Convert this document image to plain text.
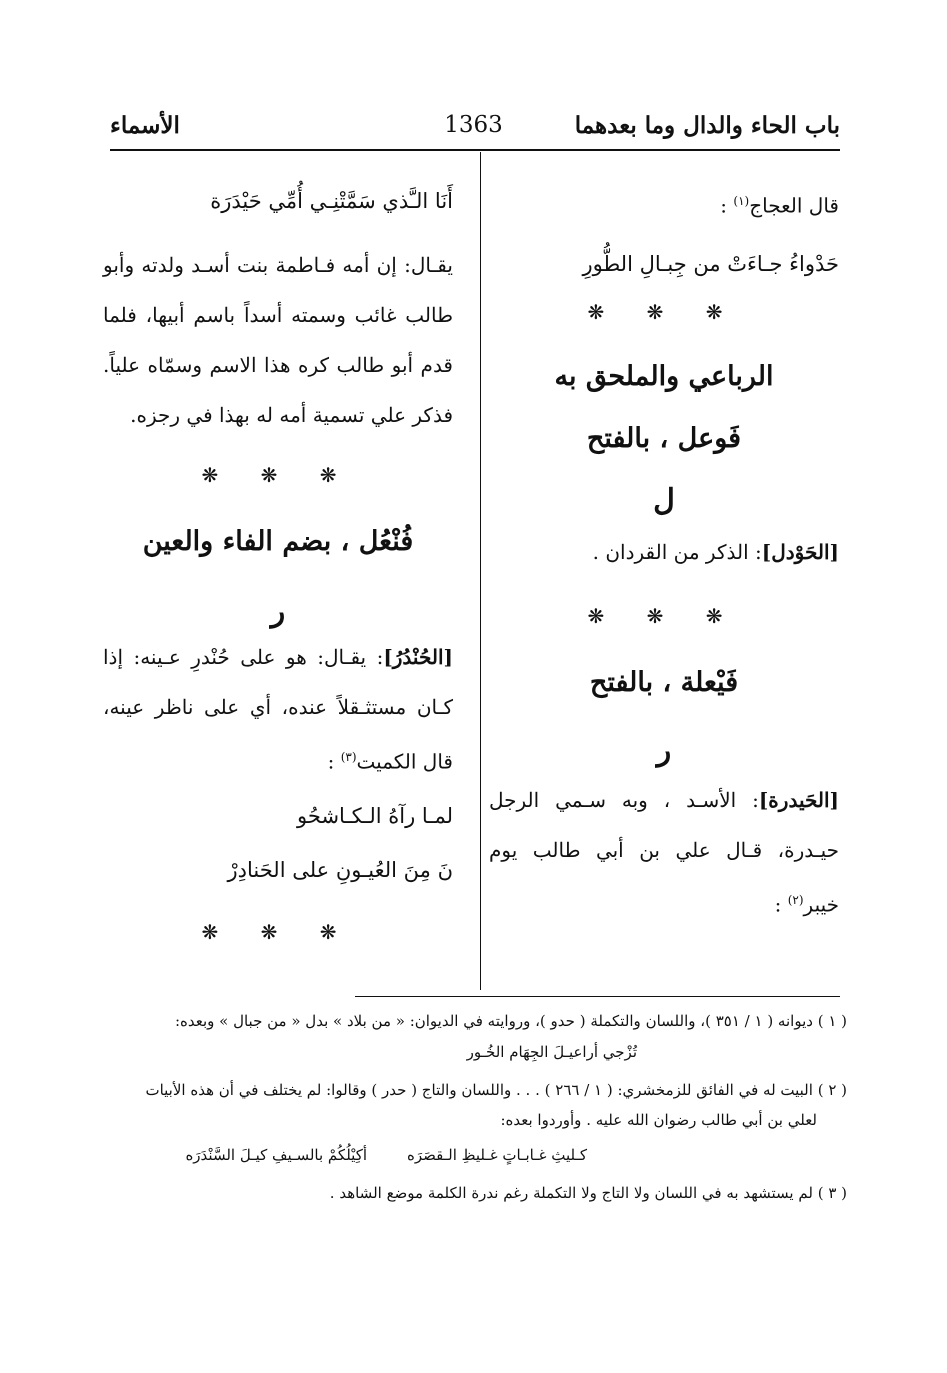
باب الحاء والدال وما بعدهما
1363
الأسماء

قال العجاج$^{(١)}$ :

حَدْواءُ جـاءَتْ من جِبـالِ الطُّورِ

❋ ❋ ❋
الرباعي والملحق به
فَوعل ، بالفتح
ل

[الحَوْدل]: الذكر من القردان .

❋ ❋ ❋
فَيْعلة ، بالفتح
ر

[الحَيدرة]: الأسـد ، وبه سـمي الرجل حيـدرة، قـال علي بن أبي طالب يوم خيبر$^{(٢)}$ :

أَنَا الـَّذي سَمَّتْنِـي أُمِّي حَيْدَرَة

يقـال: إن أمه فـاطمة بنت أسـد ولدته وأبو طالب غائب وسمته أسداً باسم أبيها، فلما قدم أبو طالب كره هذا الاسم وسمّاه علياً. فذكر علي تسمية أمه له بهذا في رجزه.

❋ ❋ ❋
فُنْعُل ، بضم الفاء والعين
ر

[الحُنْدُرُ]: يقـال: هو على حُنْدرِ عـينه: إذا كـان مستثـقلاً عنده، أي على ناظر عينه، قال الكميت$^{(٣)}$ :

لمـا رآهُ الـكـاشحُو

نَ مِنَ العُيـونِ على الحَنادِرْ

❋ ❋ ❋
( ١ ) ديوانه ( ١ / ٣٥١ )، واللسان والتكملة ( حدو )، وروايته في الديوان: « من بلاد » بدل « من جبال » وبعده:
تُزْجي أراعيـلَ الجِهَام الخُـور
( ٢ ) البيت له في الفائق للزمخشري: ( ١ / ٢٦٦ ) . . . واللسان والتاج ( حدر ) وقالوا: لم يختلف في أن هذه الأبيات
لعلي بن أبي طالب رضوان الله عليه . وأوردوا بعده:
كـليثِ غـابـاتٍ غـليظِ الـقصَرَه
أكِيْلُكُمْ بالسـيفِ كيـلَ السَّنْدَرَه
( ٣ ) لم يستشهد به في اللسان ولا التاج ولا التكملة رغم ندرة الكلمة موضع الشاهد .
